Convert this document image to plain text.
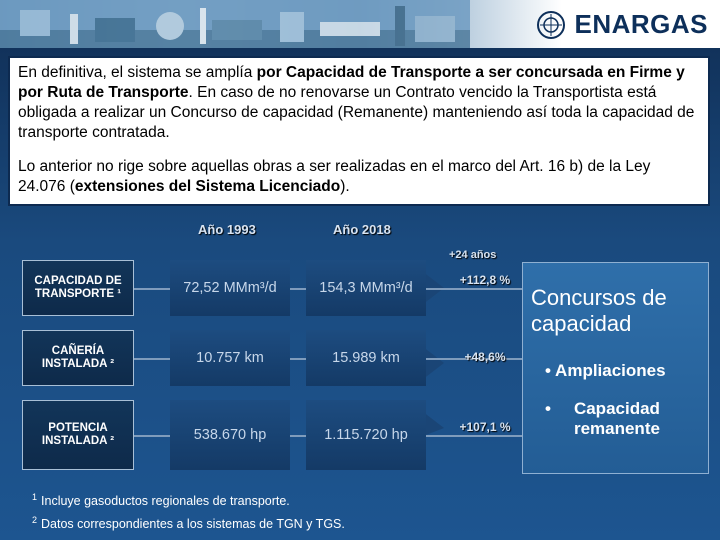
ENARGAS

En definitiva, el sistema se amplía por Capacidad de Transporte a ser concursada en Firme y por Ruta de Transporte. En caso de no renovarse un Contrato vencido la Transportista está obligada a realizar un Concurso de capacidad (Remanente) manteniendo así toda la capacidad de transporte contratada.

Lo anterior no rige sobre aquellas obras a ser realizadas en el marco del Art. 16 b) de la Ley 24.076 (extensiones del Sistema Licenciado).

Año 1993	Año 2018
+24 años
CAPACIDAD DE TRANSPORTE ¹	72,52 MMm³/d	154,3 MMm³/d	+112,8 %
CAÑERÍA INSTALADA ²	10.757 km	15.989 km	+48,6%
POTENCIA INSTALADA ²	538.670 hp	1.115.720 hp	+107,1 %
Concursos de capacidad
• Ampliaciones
•	Capacidad remanente
$^1$ Incluye gasoductos regionales de transporte.
$^2$ Datos correspondientes a los sistemas de TGN y TGS.
